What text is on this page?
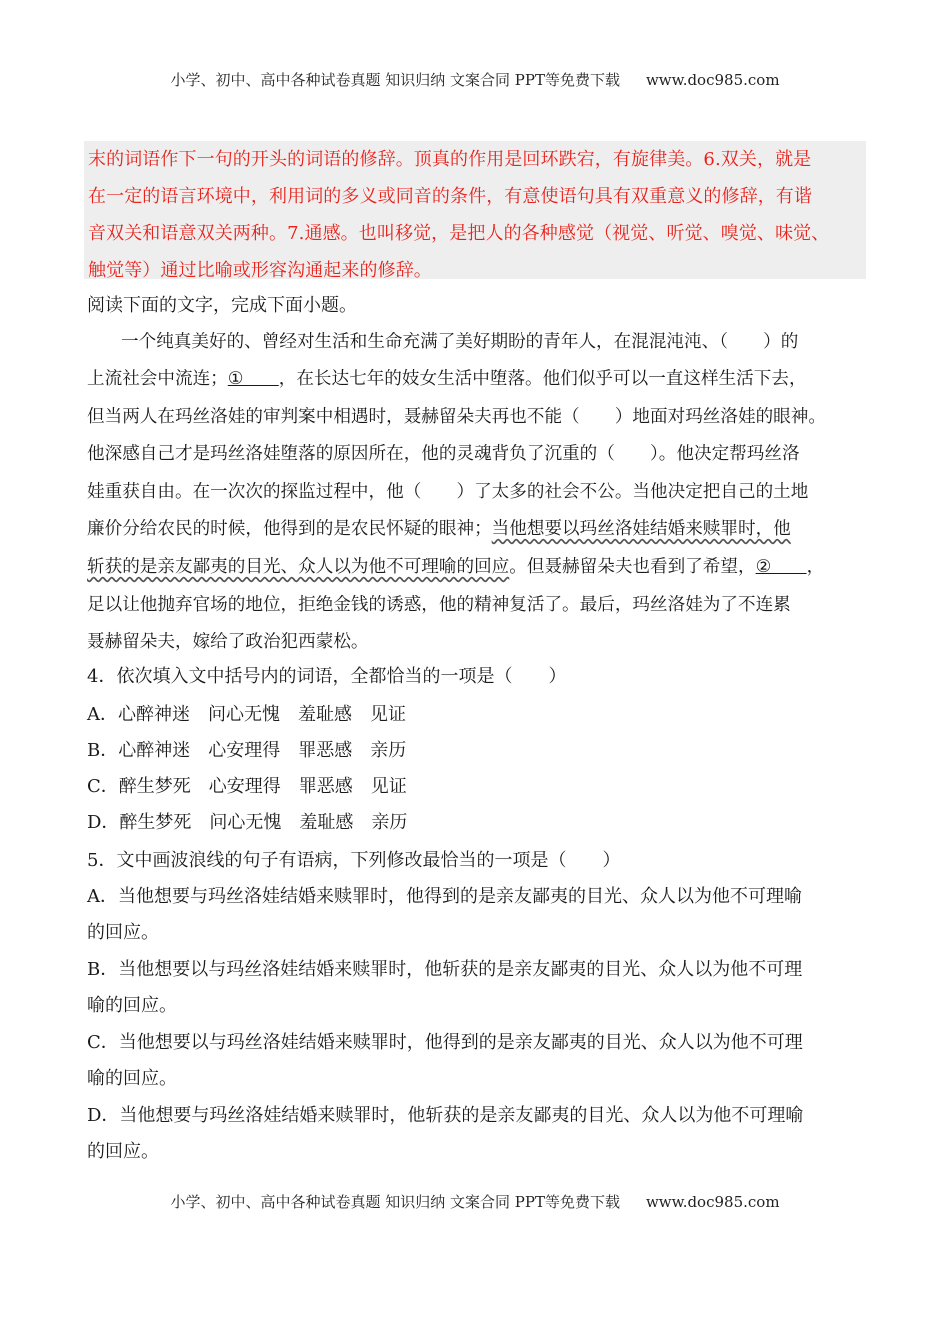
小学、初中、高中各种试卷真题 知识归纳 文案合同 PPT等免费下载 www.doc985.com
末的词语作下一句的开头的词语的修辞。顶真的作用是回环跌宕，有旋律美。6.双关，就是
在一定的语言环境中，利用词的多义或同音的条件，有意使语句具有双重意义的修辞，有谐
音双关和语意双关两种。7.通感。也叫移觉，是把人的各种感觉（视觉、听觉、嗅觉、味觉、
触觉等）通过比喻或形容沟通起来的修辞。
阅读下面的文字，完成下面小题。
一个纯真美好的、曾经对生活和生命充满了美好期盼的青年人，在混混沌沌、（　　）的
上流社会中流连；①　　，在长达七年的妓女生活中堕落。他们似乎可以一直这样生活下去，
但当两人在玛丝洛娃的审判案中相遇时，聂赫留朵夫再也不能（　　）地面对玛丝洛娃的眼神。
他深感自己才是玛丝洛娃堕落的原因所在，他的灵魂背负了沉重的（　　）。他决定帮玛丝洛
娃重获自由。在一次次的探监过程中，他（　　）了太多的社会不公。当他决定把自己的土地
廉价分给农民的时候，他得到的是农民怀疑的眼神；当他想要以玛丝洛娃结婚来赎罪时，他
斩获的是亲友鄙夷的目光、众人以为他不可理喻的回应。但聂赫留朵夫也看到了希望，②　　，
足以让他抛弃官场的地位，拒绝金钱的诱惑，他的精神复活了。最后，玛丝洛娃为了不连累
聂赫留朵夫，嫁给了政治犯西蒙松。
4．依次填入文中括号内的词语，全都恰当的一项是（　　）
A．心醉神迷　问心无愧　羞耻感　见证
B．心醉神迷　心安理得　罪恶感　亲历
C．醉生梦死　心安理得　罪恶感　见证
D．醉生梦死　问心无愧　羞耻感　亲历
5．文中画波浪线的句子有语病，下列修改最恰当的一项是（　　）
A．当他想要与玛丝洛娃结婚来赎罪时，他得到的是亲友鄙夷的目光、众人以为他不可理喻
的回应。
B．当他想要以与玛丝洛娃结婚来赎罪时，他斩获的是亲友鄙夷的目光、众人以为他不可理
喻的回应。
C．当他想要以与玛丝洛娃结婚来赎罪时，他得到的是亲友鄙夷的目光、众人以为他不可理
喻的回应。
D．当他想要与玛丝洛娃结婚来赎罪时，他斩获的是亲友鄙夷的目光、众人以为他不可理喻
的回应。
小学、初中、高中各种试卷真题 知识归纳 文案合同 PPT等免费下载 www.doc985.com
